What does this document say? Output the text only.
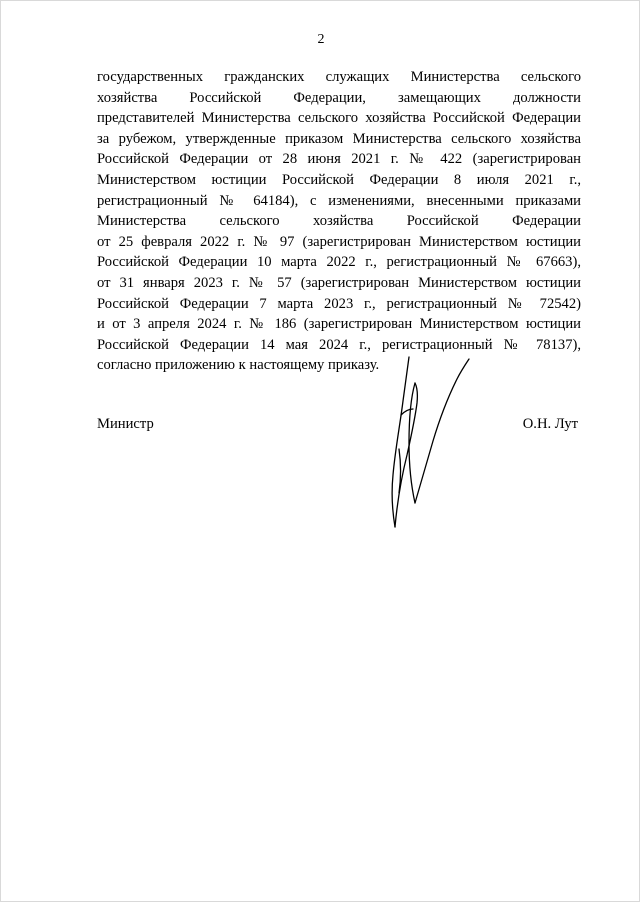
2
государственных гражданских служащих Министерства сельского
хозяйства Российской Федерации, замещающих должности
представителей Министерства сельского хозяйства Российской Федерации
за рубежом, утвержденные приказом Министерства сельского хозяйства
Российской Федерации от 28 июня 2021 г. № 422 (зарегистрирован
Министерством юстиции Российской Федерации 8 июля 2021 г.,
регистрационный № 64184), с изменениями, внесенными приказами
Министерства сельского хозяйства Российской Федерации
от 25 февраля 2022 г. № 97 (зарегистрирован Министерством юстиции
Российской Федерации 10 марта 2022 г., регистрационный № 67663),
от 31 января 2023 г. № 57 (зарегистрирован Министерством юстиции
Российской Федерации 7 марта 2023 г., регистрационный № 72542)
и от 3 апреля 2024 г. № 186 (зарегистрирован Министерством юстиции
Российской Федерации 14 мая 2024 г., регистрационный № 78137),
согласно приложению к настоящему приказу.
Министр	О.Н. Лут
